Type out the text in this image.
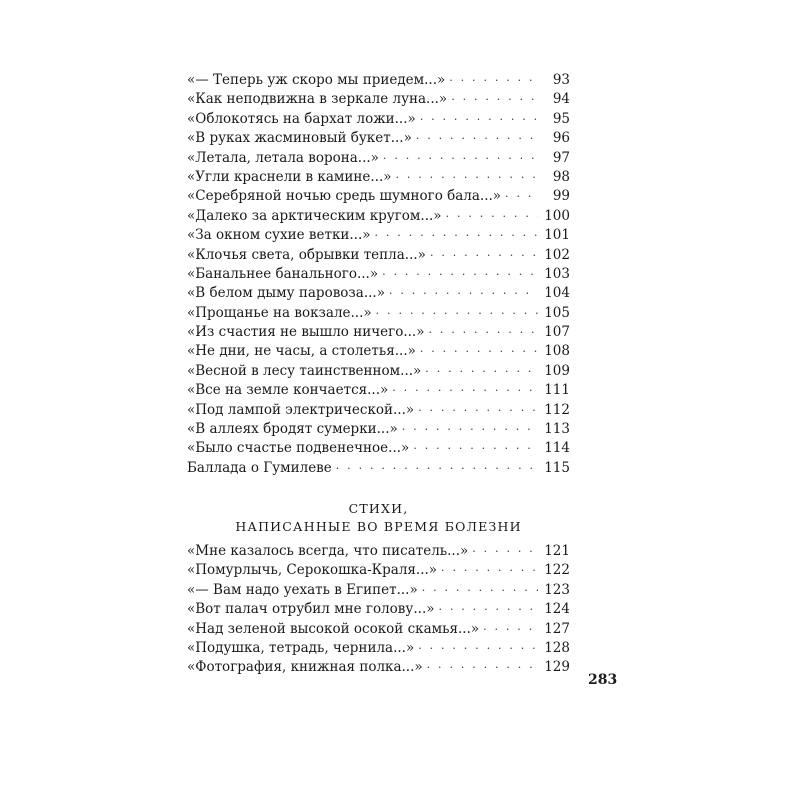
«— Теперь уж скоро мы приедем...» . . .	93
«Как неподвижна в зеркале луна...» . . .	94
«Облокотясь на бархат ложи...» . . .	95
«В руках жасминовый букет...» . . .	96
«Летала, летала ворона...» . . .	97
«Угли краснели в камине...» . . .	98
«Серебряной ночью средь шумного бала...» . . .	99
«Далеко за арктическим кругом...» . . .	100
«За окном сухие ветки...» . . .	101
«Клочья света, обрывки тепла...» . . .	102
«Банальнее банального...» . . .	103
«В белом дыму паровоза...» . . .	104
«Прощанье на вокзале...» . . .	105
«Из счастия не вышло ничего...» . . .	107
«Не дни, не часы, а столетья...» . . .	108
«Весной в лесу таинственном...» . . .	109
«Все на земле кончается...» . . .	111
«Под лампой электрической...» . . .	112
«В аллеях бродят сумерки...» . . .	113
«Было счастье подвенечное...» . . .	114
Баллада о Гумилеве . . .	115
СТИХИ,
НАПИСАННЫЕ ВО ВРЕМЯ БОЛЕЗНИ
«Мне казалось всегда, что писатель...» . . .	121
«Помурлычь, Серокошка-Краля...» . . .	122
«— Вам надо уехать в Египет...» . . .	123
«Вот палач отрубил мне голову...» . . .	124
«Над зеленой высокой осокой скамья...» . . .	127
«Подушка, тетрадь, чернила...» . . .	128
«Фотография, книжная полка...» . . .	129
283
